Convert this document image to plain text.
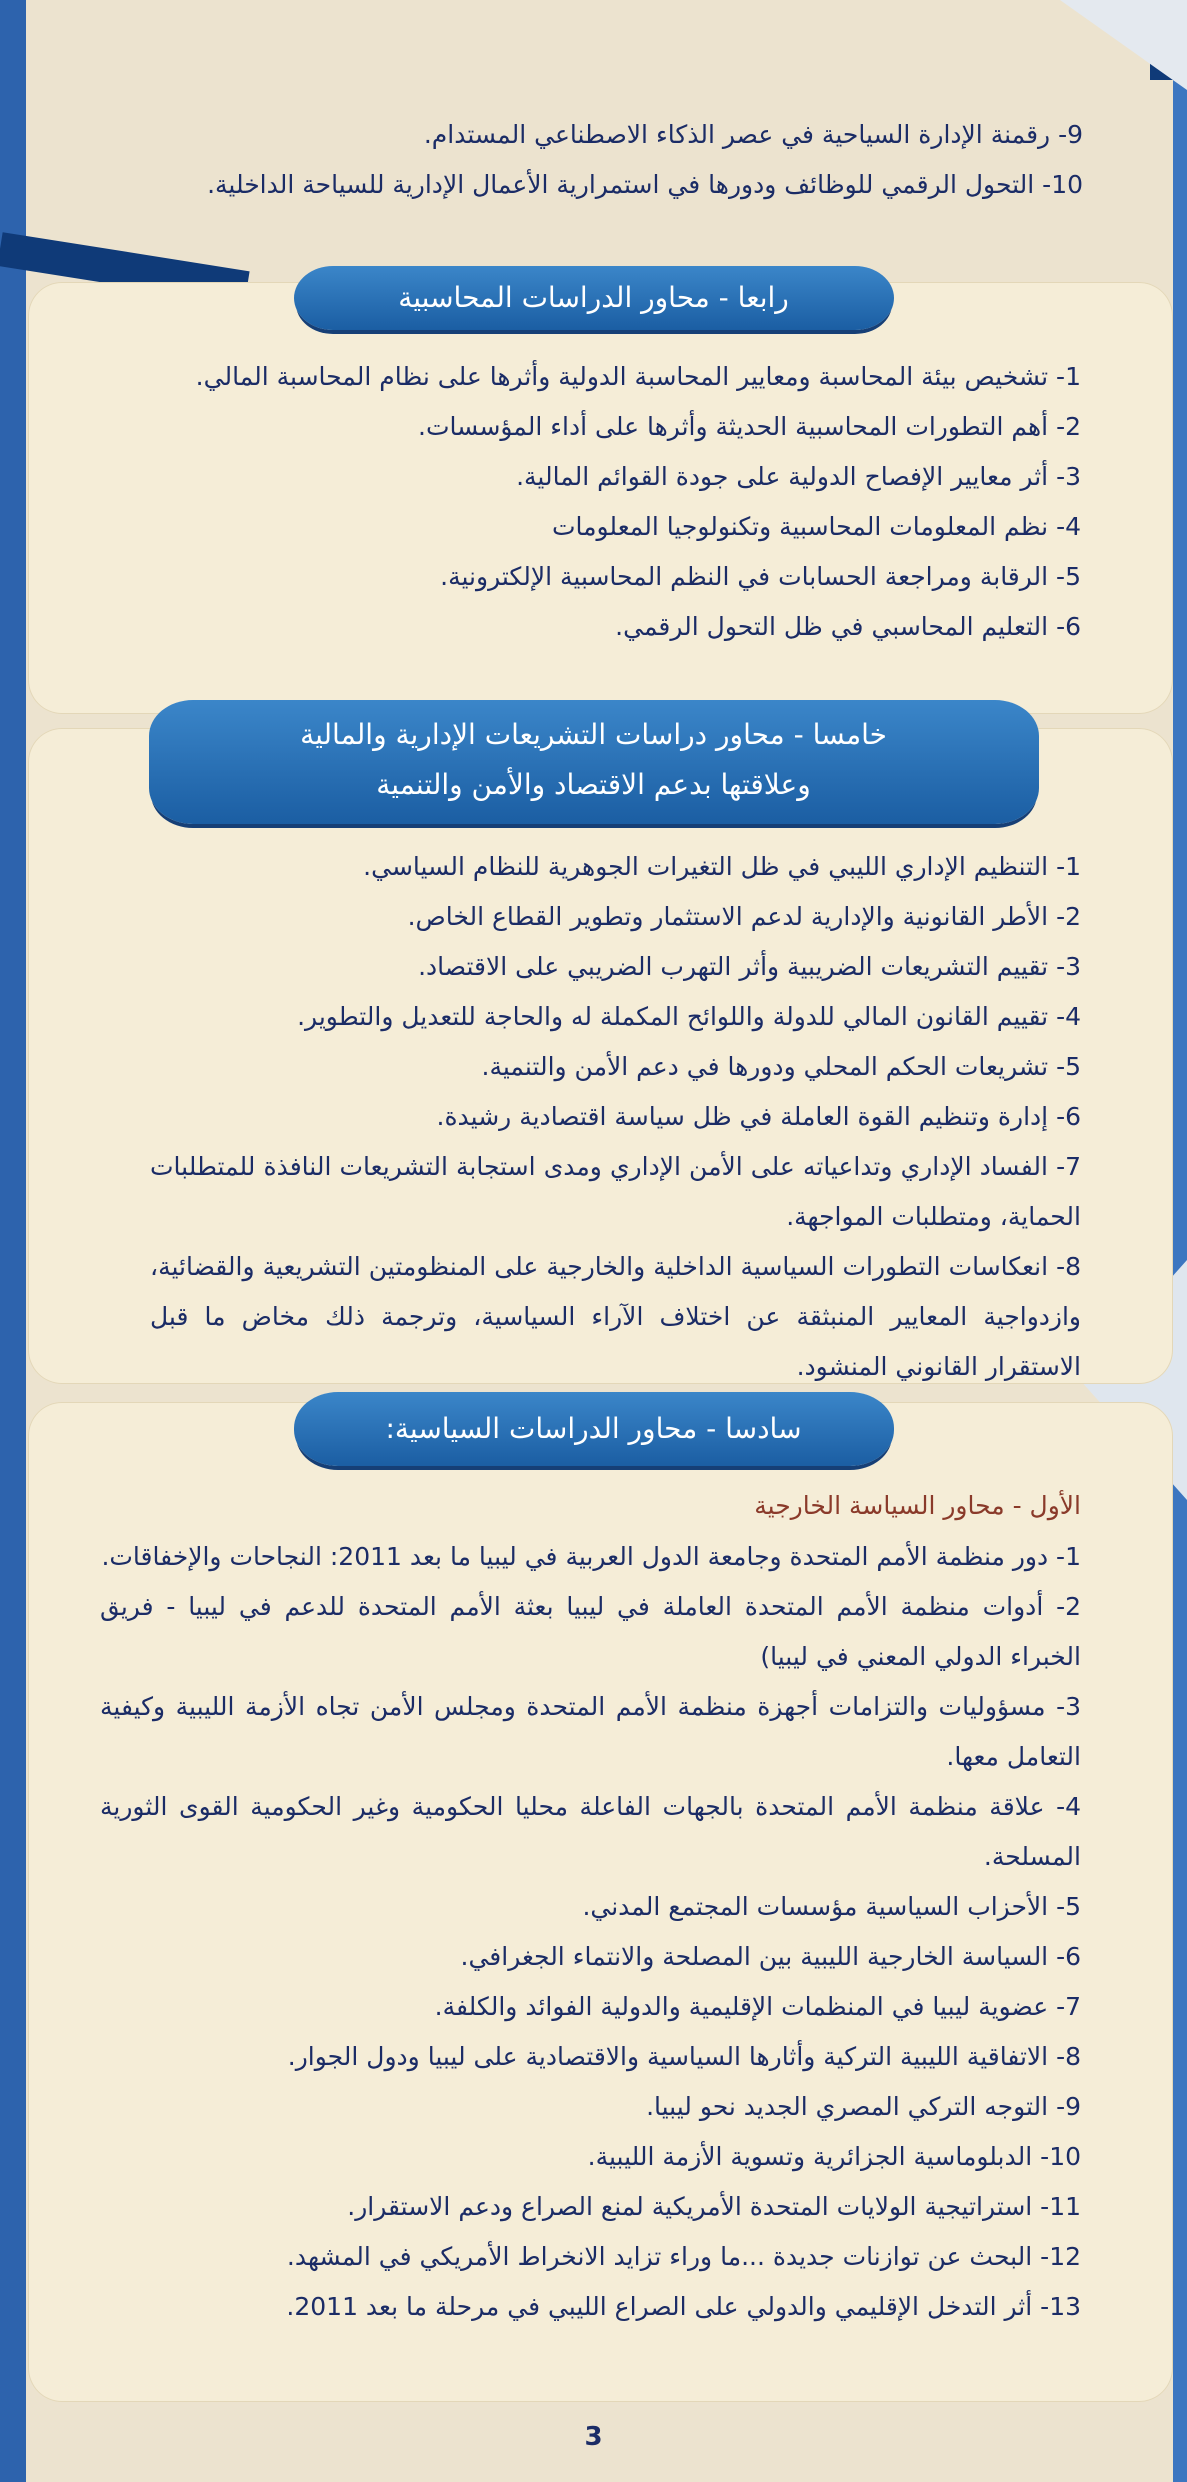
9- رقمنة الإدارة السياحية في عصر الذكاء الاصطناعي المستدام.

10- التحول الرقمي للوظائف ودورها في استمرارية الأعمال الإدارية للسياحة الداخلية.

رابعا - محاور الدراسات المحاسبية

1- تشخيص بيئة المحاسبة ومعايير المحاسبة الدولية وأثرها على نظام المحاسبة المالي.

2- أهم التطورات المحاسبية الحديثة وأثرها على أداء المؤسسات.

3- أثر معايير الإفصاح الدولية على جودة القوائم المالية.

4- نظم المعلومات المحاسبية وتكنولوجيا المعلومات

5- الرقابة ومراجعة الحسابات في النظم المحاسبية الإلكترونية.

6- التعليم المحاسبي في ظل التحول الرقمي.

خامسا - محاور دراسات التشريعات الإدارية والمالية
وعلاقتها بدعم الاقتصاد والأمن والتنمية

1- التنظيم الإداري الليبي في ظل التغيرات الجوهرية للنظام السياسي.

2- الأطر القانونية والإدارية لدعم الاستثمار وتطوير القطاع الخاص.

3- تقييم التشريعات الضريبية وأثر التهرب الضريبي على الاقتصاد.

4- تقييم القانون المالي للدولة واللوائح المكملة له والحاجة للتعديل والتطوير.

5- تشريعات الحكم المحلي ودورها في دعم الأمن والتنمية.

6- إدارة وتنظيم القوة العاملة في ظل سياسة اقتصادية رشيدة.

7- الفساد الإداري وتداعياته على الأمن الإداري ومدى استجابة التشريعات النافذة للمتطلبات الحماية، ومتطلبات المواجهة.

8- انعكاسات التطورات السياسية الداخلية والخارجية على المنظومتين التشريعية والقضائية، وازدواجية المعايير المنبثقة عن اختلاف الآراء السياسية، وترجمة ذلك مخاض ما قبل الاستقرار القانوني المنشود.

سادسا - محاور الدراسات السياسية:

الأول - محاور السياسة الخارجية

1- دور منظمة الأمم المتحدة وجامعة الدول العربية في ليبيا ما بعد 2011: النجاحات والإخفاقات.

2- أدوات منظمة الأمم المتحدة العاملة في ليبيا بعثة الأمم المتحدة للدعم في ليبيا - فريق الخبراء الدولي المعني في ليبيا)

3- مسؤوليات والتزامات أجهزة منظمة الأمم المتحدة ومجلس الأمن تجاه الأزمة الليبية وكيفية التعامل معها.

4- علاقة منظمة الأمم المتحدة بالجهات الفاعلة محليا الحكومية وغير الحكومية القوى الثورية المسلحة.

5- الأحزاب السياسية مؤسسات المجتمع المدني.

6- السياسة الخارجية الليبية بين المصلحة والانتماء الجغرافي.

7- عضوية ليبيا في المنظمات الإقليمية والدولية الفوائد والكلفة.

8- الاتفاقية الليبية التركية وأثارها السياسية والاقتصادية على ليبيا ودول الجوار.

9- التوجه التركي المصري الجديد نحو ليبيا.

10- الدبلوماسية الجزائرية وتسوية الأزمة الليبية.

11- استراتيجية الولايات المتحدة الأمريكية لمنع الصراع ودعم الاستقرار.

12- البحث عن توازنات جديدة ...ما وراء تزايد الانخراط الأمريكي في المشهد.

13- أثر التدخل الإقليمي والدولي على الصراع الليبي في مرحلة ما بعد 2011.

3
